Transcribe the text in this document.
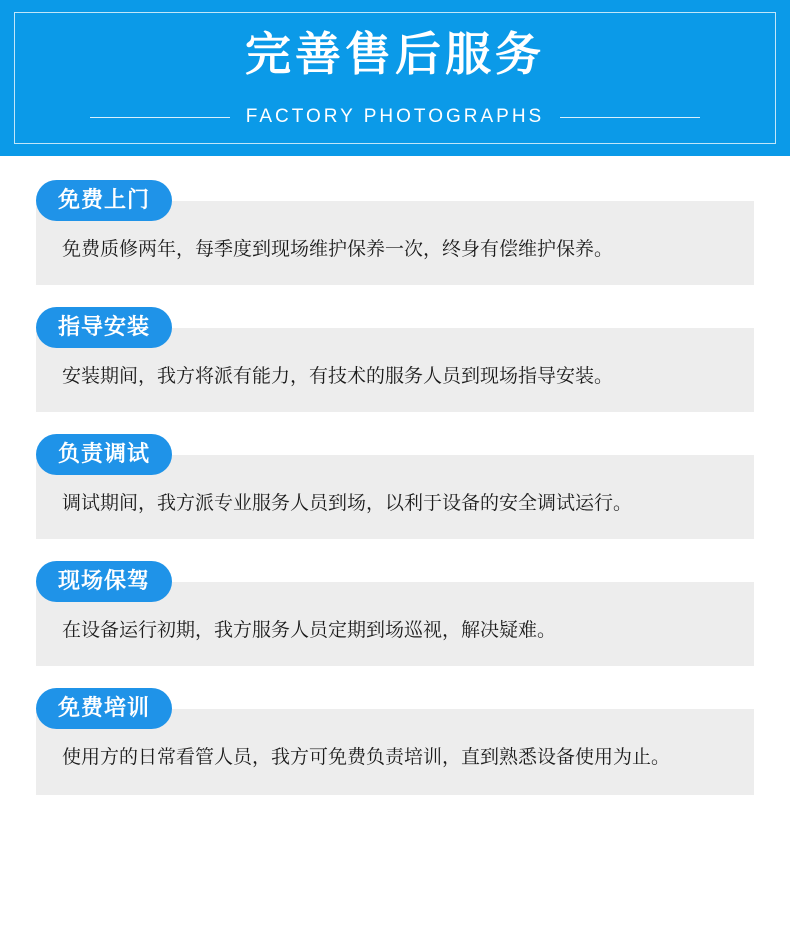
完善售后服务
FACTORY PHOTOGRAPHS
免费上门
免费质修两年，每季度到现场维护保养一次，终身有偿维护保养。
指导安装
安装期间，我方将派有能力，有技术的服务人员到现场指导安装。
负责调试
调试期间，我方派专业服务人员到场，以利于设备的安全调试运行。
现场保驾
在设备运行初期，我方服务人员定期到场巡视，解决疑难。
免费培训
使用方的日常看管人员，我方可免费负责培训，直到熟悉设备使用为止。
